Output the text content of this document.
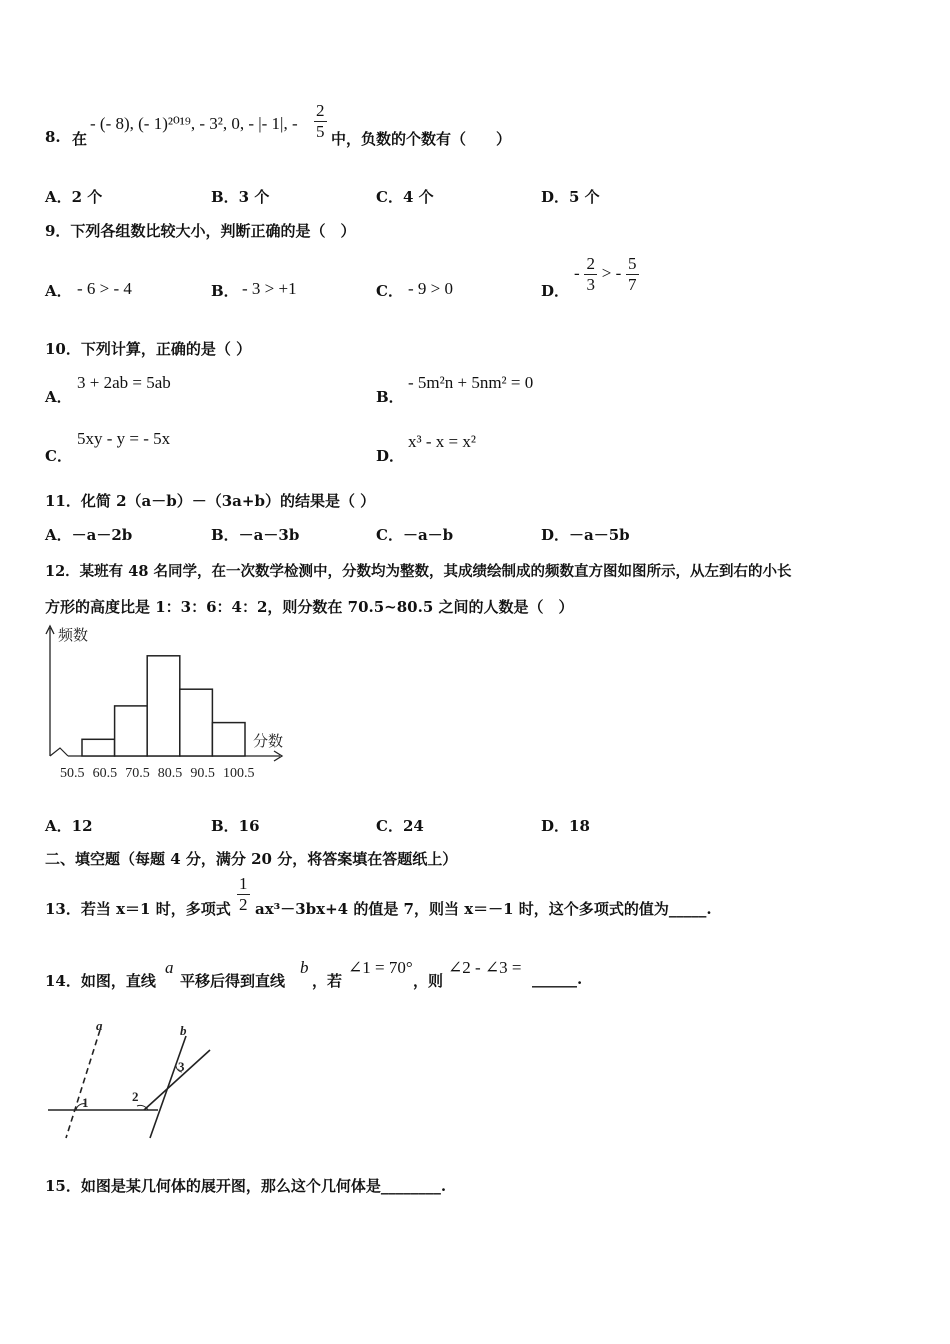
8. 在
- (- 8), (- 1)²⁰¹⁹, - 3², 0, - |- 1|, - $\frac{2}{5}$ 中，负数的个数有（　　）
A．2 个	B．3 个	C．4 个	D．5 个
9．下列各组数比较大小，判断正确的是（　）
A． - 6 > - 4	B． - 3 > +1	C． - 9 > 0	D．
- $\frac{2}{3}$ > - $\frac{5}{7}$
10．下列计算，正确的是（ ）
A．
3 + 2ab = 5ab
B．
- 5m²n + 5nm² = 0
C．
5xy - y = - 5x
D．
x³ - x = x²
11．化简 2（a－b）－（3a+b）的结果是（ ）
A．－a－2b	B．－a－3b	C．－a－b	D．－a－5b
12．某班有 48 名同学，在一次数学检测中，分数均为整数，其成绩绘制成的频数直方图如图所示，从左到右的小长
方形的高度比是 1：3：6：4：2，则分数在 70.5~80.5 之间的人数是（　）
频数
分数
50.5 60.5 70.5 80.5 90.5 100.5
A．12	B．16	C．24	D．18
二、填空题（每题 4 分，满分 20 分，将答案填在答题纸上）
13．若当 x＝1 时，多项式 $\frac{1}{2} ax^3-3bx+4$ 的值是 7，则当 x＝－1 时，这个多项式的值为_____.
14．如图，直线
a
平移后得到直线
b
，若
∠1 = 70°
，则
∠2 - ∠3 =
______.
a	b
1	2
3
15．如图是某几何体的展开图，那么这个几何体是________.
